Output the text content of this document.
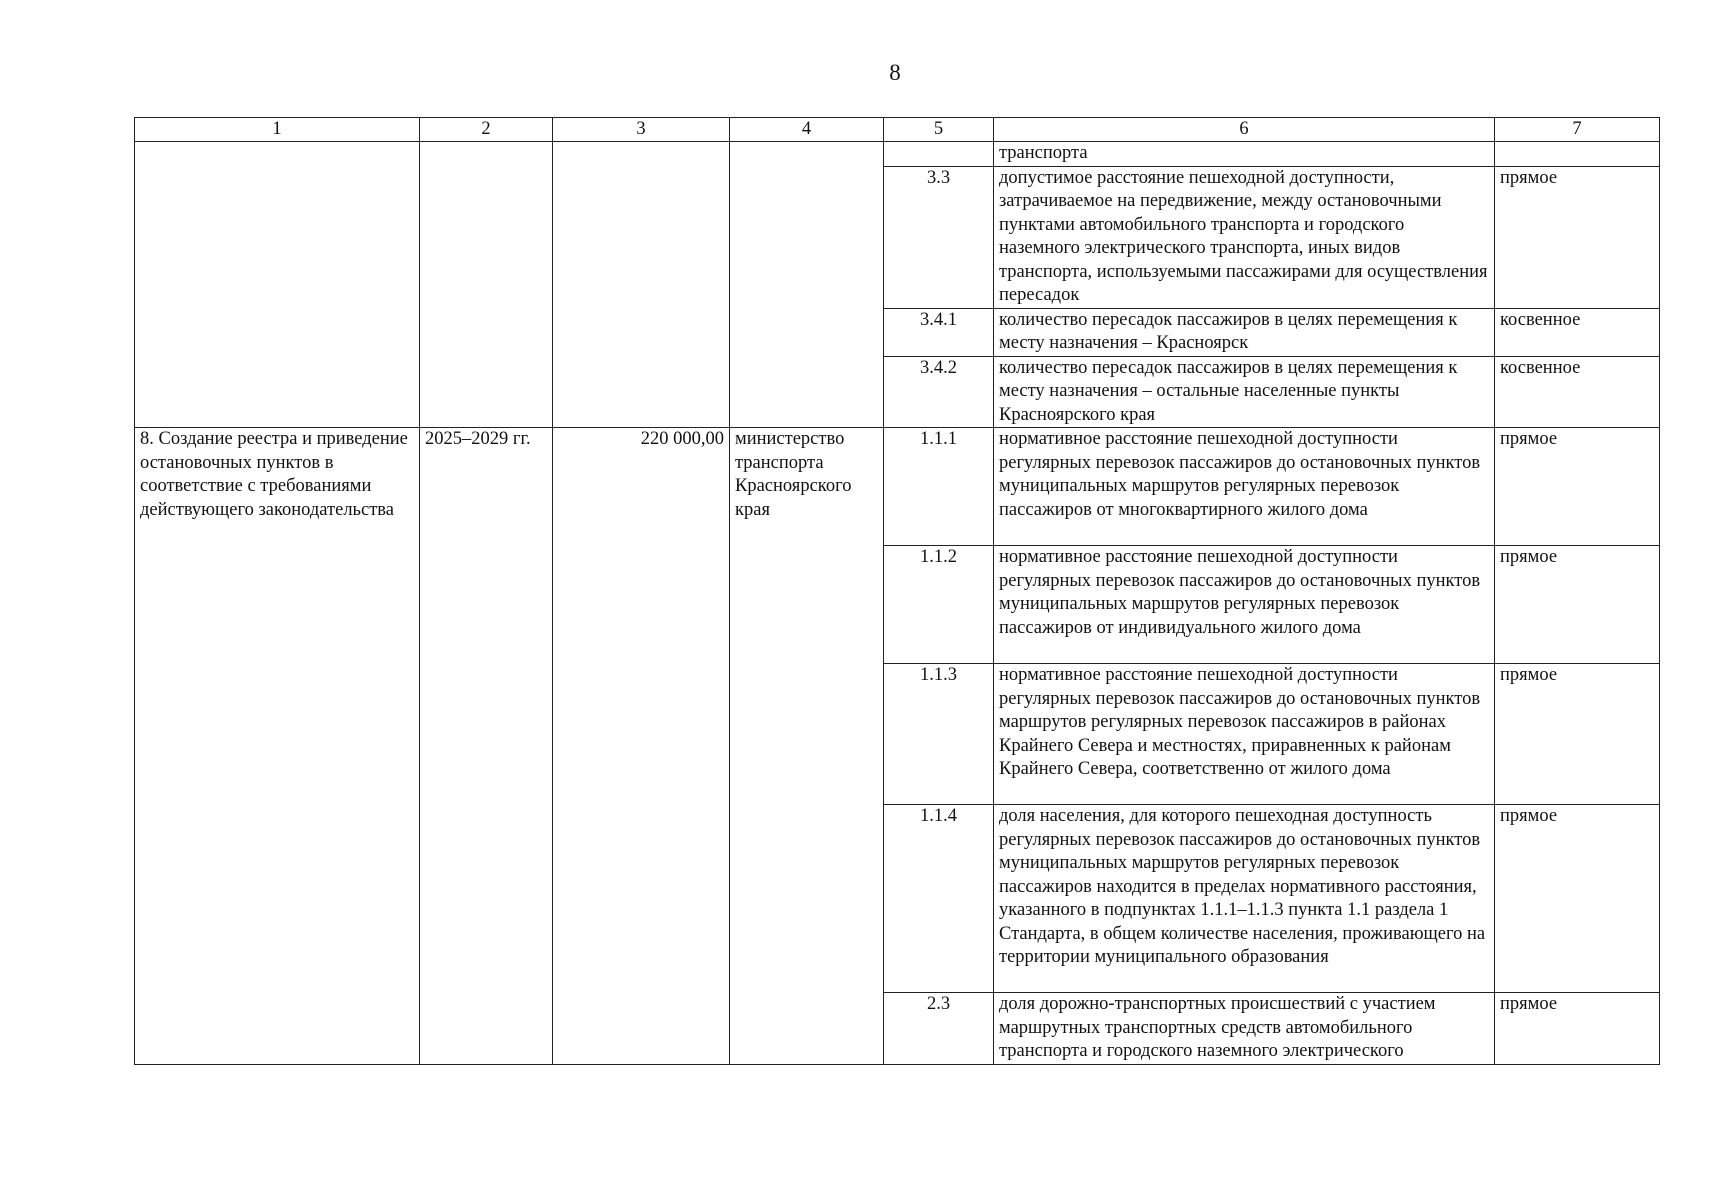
8
1	2	3	4	5	6	7
					транспорта	
				3.3	допустимое расстояние пешеходной доступности, затрачиваемое на передвижение, между остановочными пунктами автомобильного транспорта и городского наземного электрического транспорта, иных видов транспорта, используемыми пассажирами для осуществления пересадок	прямое
				3.4.1	количество пересадок пассажиров в целях перемещения к месту назначения – Красноярск	косвенное
				3.4.2	количество пересадок пассажиров в целях перемещения к месту назначения – остальные населенные пункты Красноярского края	косвенное
8. Создание реестра и приведение остановочных пунктов в соответствие с требованиями действующего законодательства	2025–2029 гг.	220 000,00	министерство транспорта Красноярского края	1.1.1	нормативное расстояние пешеходной доступности регулярных перевозок пассажиров до остановочных пунктов муниципальных маршрутов регулярных перевозок пассажиров от многоквартирного жилого дома	прямое
				1.1.2	нормативное расстояние пешеходной доступности регулярных перевозок пассажиров до остановочных пунктов муниципальных маршрутов регулярных перевозок пассажиров от индивидуального жилого дома	прямое
				1.1.3	нормативное расстояние пешеходной доступности регулярных перевозок пассажиров до остановочных пунктов маршрутов регулярных перевозок пассажиров в районах Крайнего Севера и местностях, приравненных к районам Крайнего Севера, соответственно от жилого дома	прямое
				1.1.4	доля населения, для которого пешеходная доступность регулярных перевозок пассажиров до остановочных пунктов муниципальных маршрутов регулярных перевозок пассажиров находится в пределах нормативного расстояния, указанного в подпунктах 1.1.1–1.1.3 пункта 1.1 раздела 1 Стандарта, в общем количестве населения, проживающего на территории муниципального образования	прямое
				2.3	доля дорожно-транспортных происшествий с участием маршрутных транспортных средств автомобильного транспорта и городского наземного электрического	прямое
